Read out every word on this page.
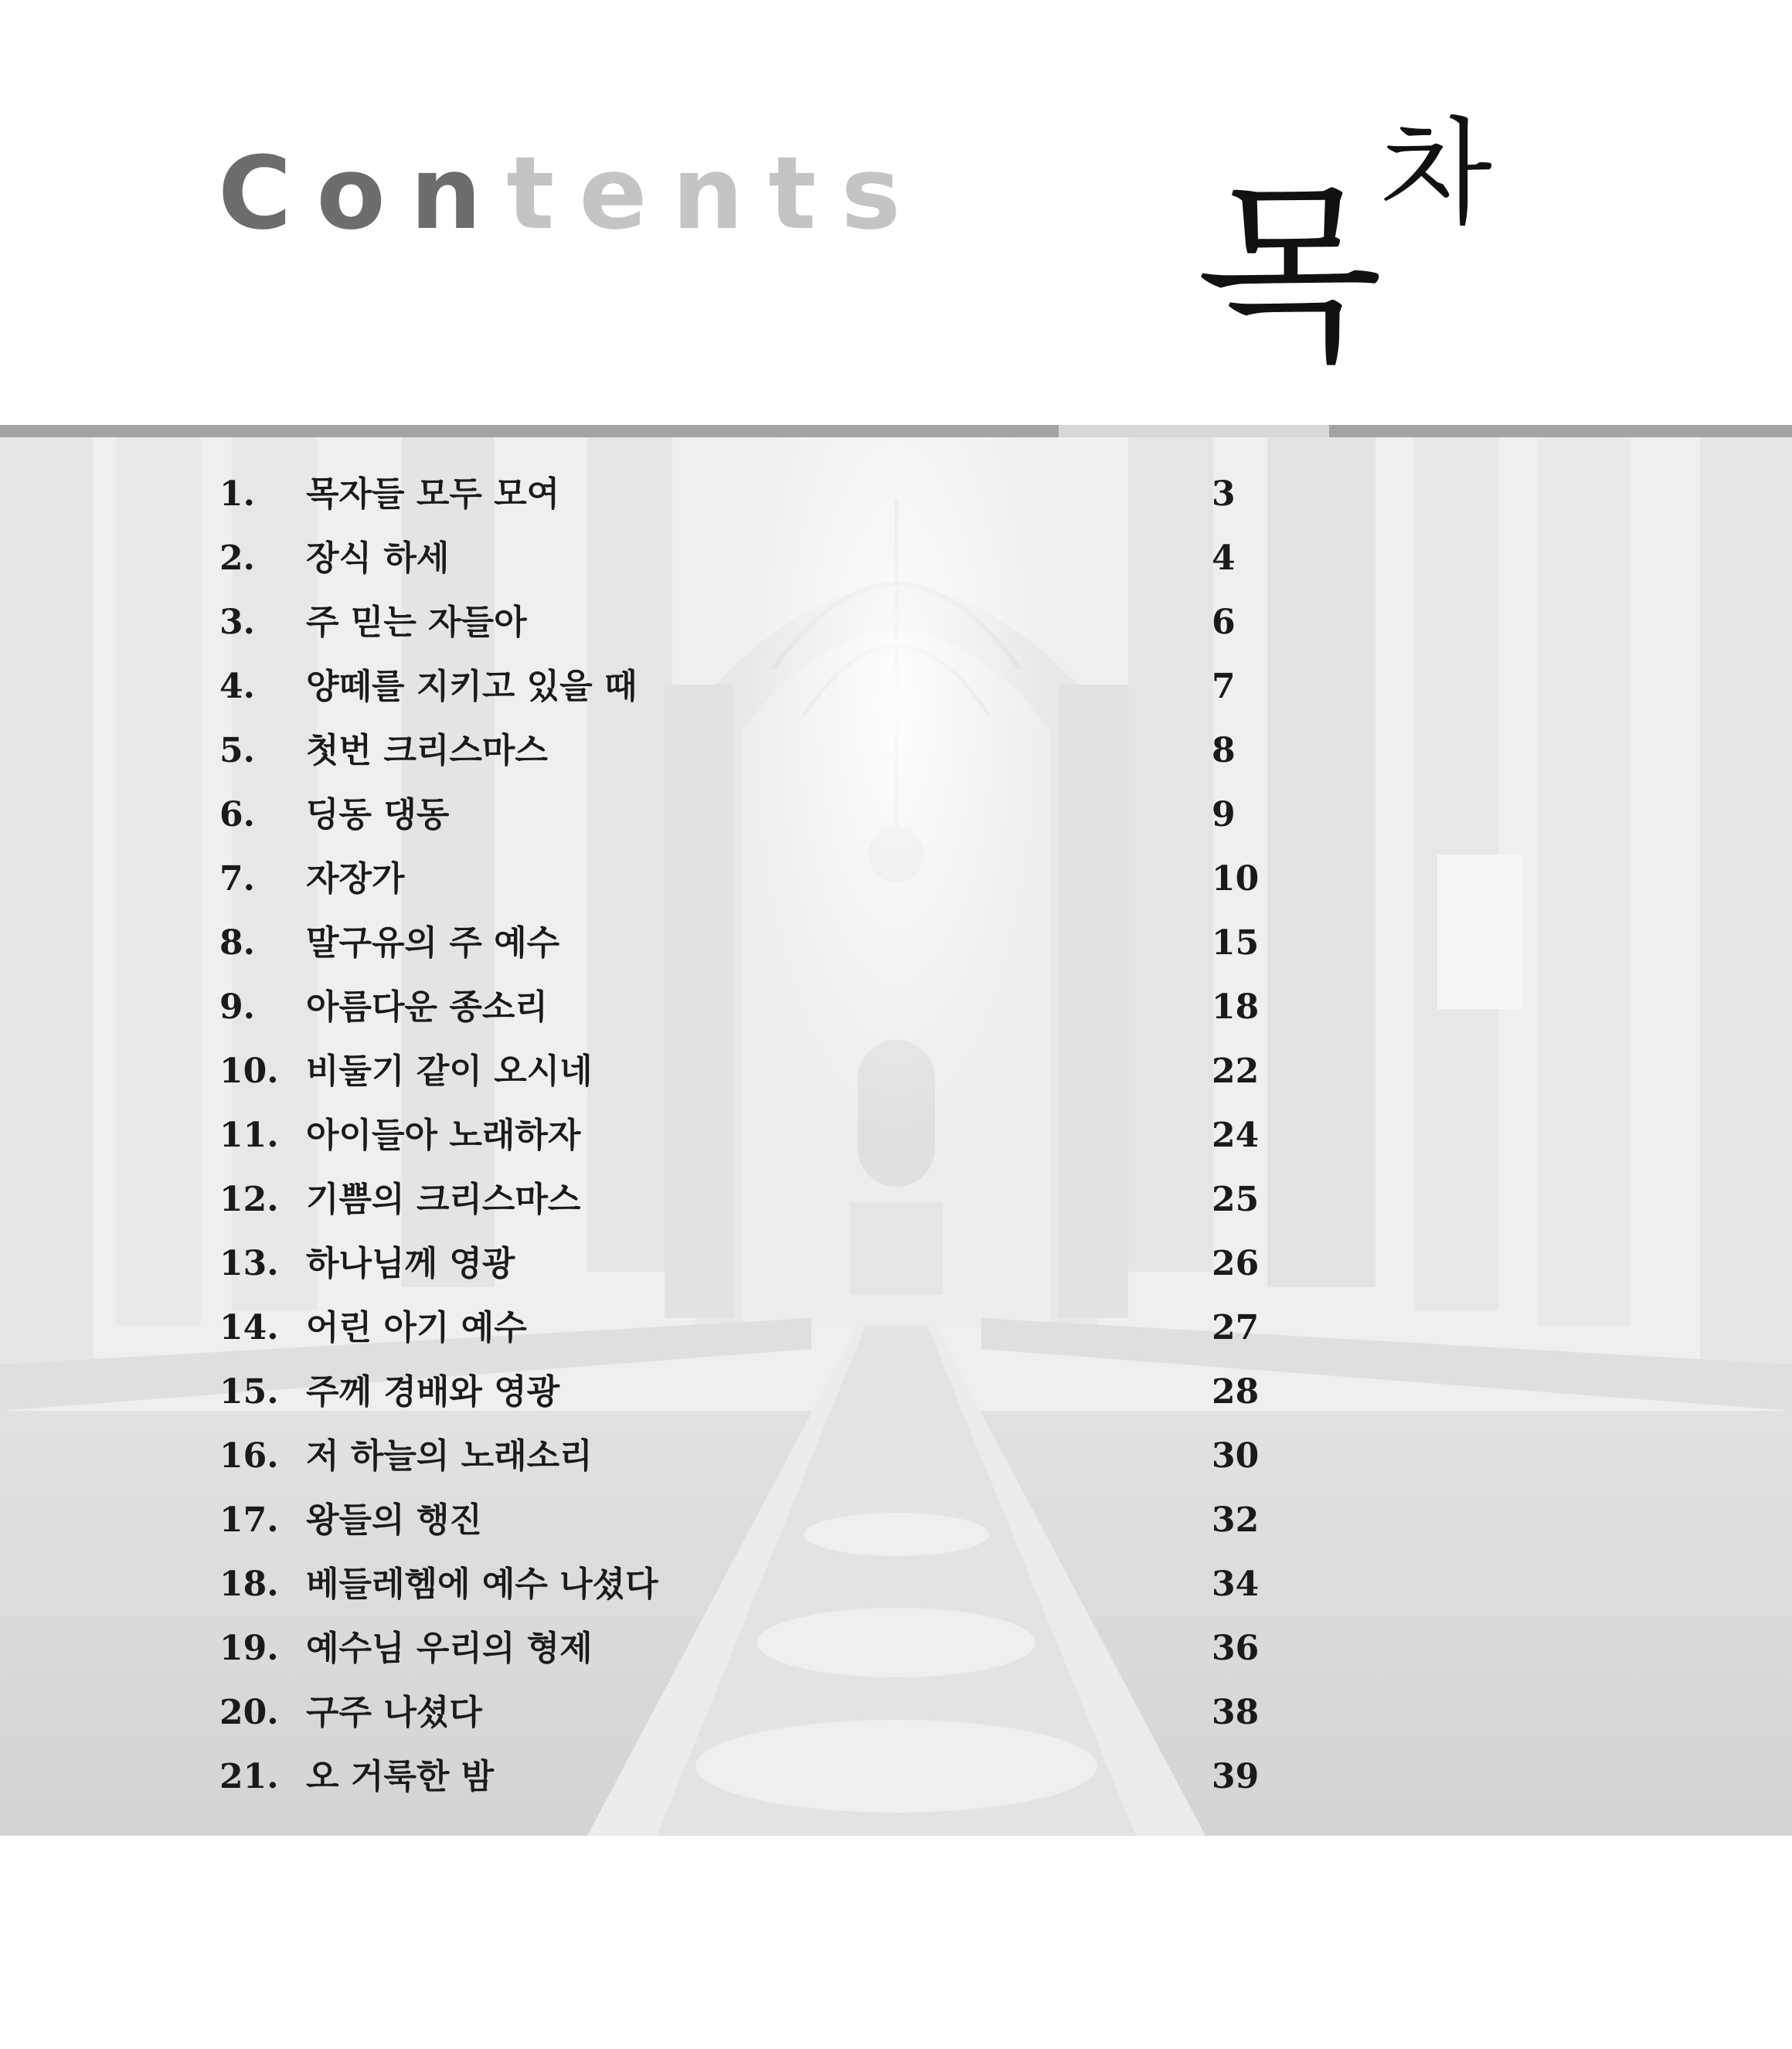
Contents 목
차
1. 목자들 모두 모여	3
2. 장식 하세	4
3. 주 믿는 자들아	6
4. 양떼를 지키고 있을 때	7
5. 첫번 크리스마스	8
6. 딩동 댕동	9
7. 자장가	10
8. 말구유의 주 예수	15
9. 아름다운 종소리	18
10. 비둘기 같이 오시네	22
11. 아이들아 노래하자	24
12. 기쁨의 크리스마스	25
13. 하나님께 영광	26
14. 어린 아기 예수	27
15. 주께 경배와 영광	28
16. 저 하늘의 노래소리	30
17. 왕들의 행진	32
18. 베들레헴에 예수 나셨다	34
19. 예수님 우리의 형제	36
20. 구주 나셨다	38
21. 오 거룩한 밤	39
